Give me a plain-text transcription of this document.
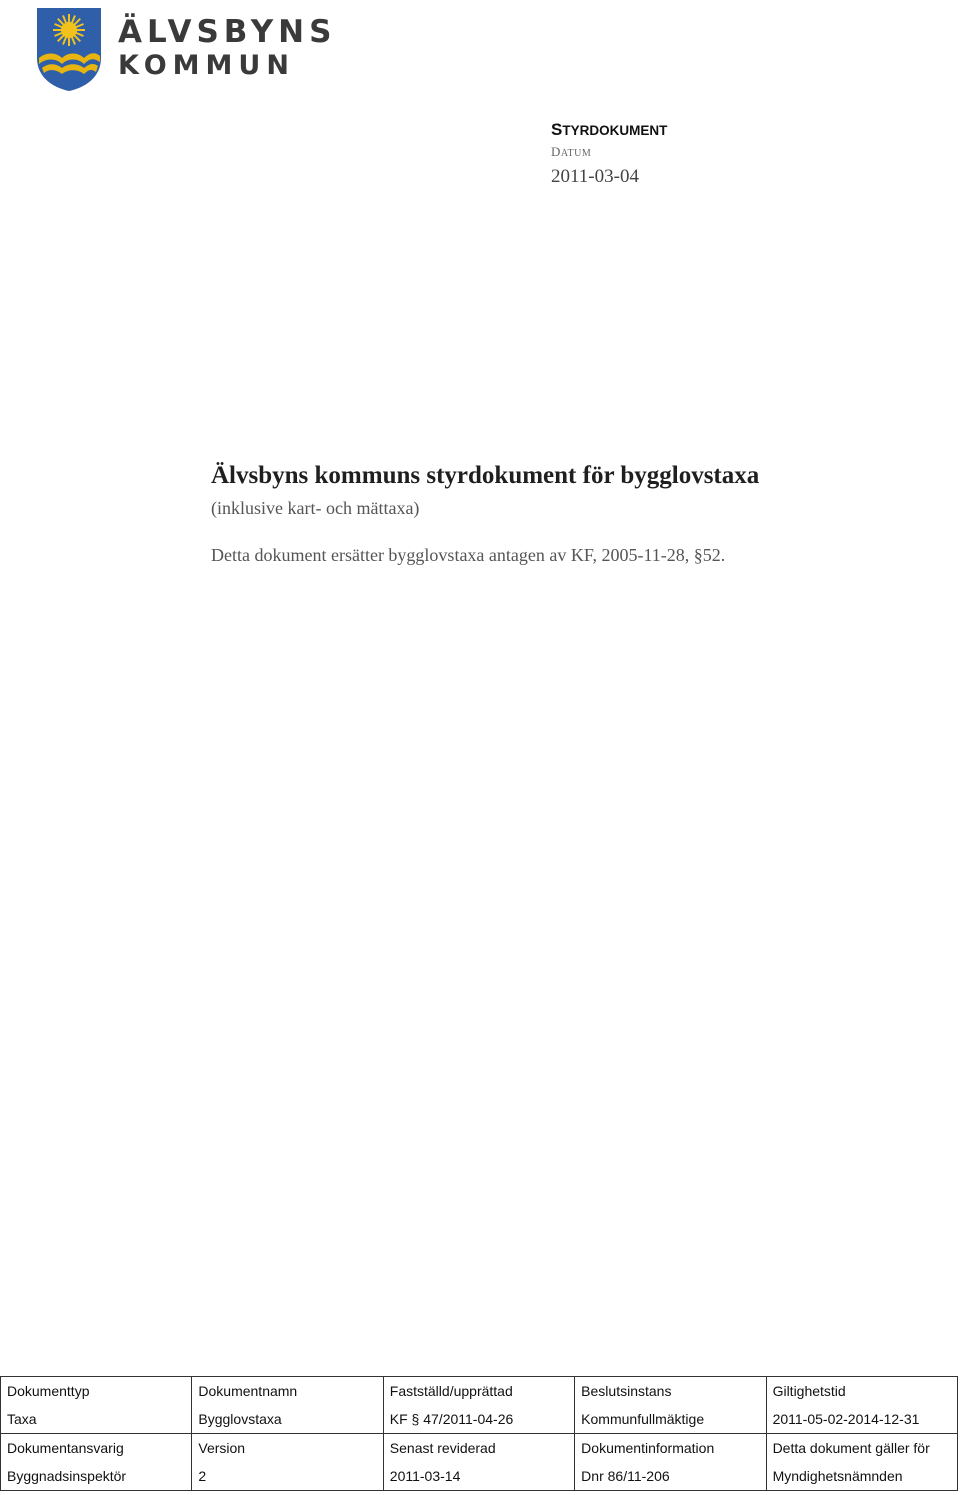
ÄLVSBYNS
KOMMUN
STYRDOKUMENT
DATUM
2011-03-04
Älvsbyns kommuns styrdokument för bygglovstaxa
(inklusive kart- och mättaxa)
Detta dokument ersätter bygglovstaxa antagen av KF, 2005-11-28, §52.
Dokumenttyp	Dokumentnamn	Fastställd/upprättad	Beslutsinstans	Giltighetstid
Taxa	Bygglovstaxa	KF § 47/2011-04-26	Kommunfullmäktige	2011-05-02-2014-12-31
Dokumentansvarig	Version	Senast reviderad	Dokumentinformation	Detta dokument gäller för
Byggnadsinspektör	2	2011-03-14	Dnr 86/11-206	Myndighetsnämnden
